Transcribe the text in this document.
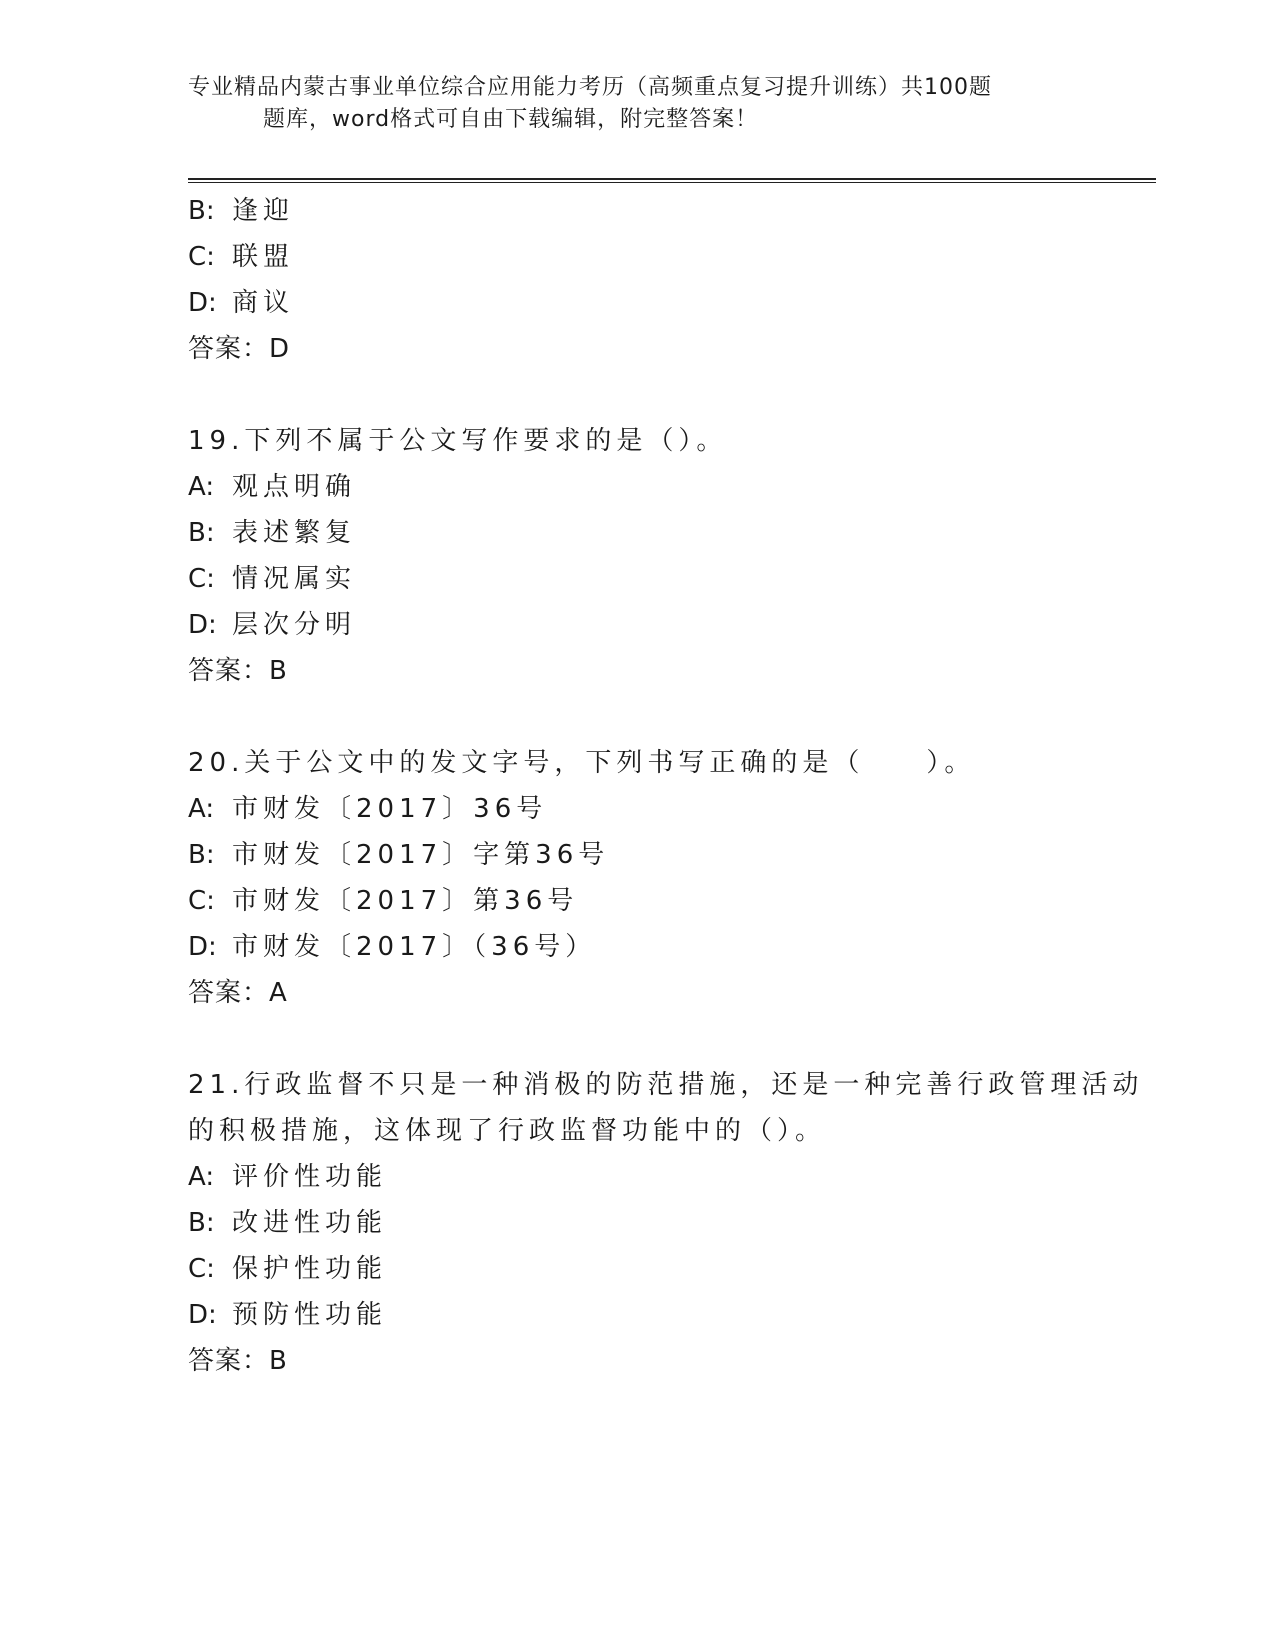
专业精品内蒙古事业单位综合应用能力考历（高频重点复习提升训练）共100题
题库，word格式可自由下载编辑，附完整答案！
B: 逢迎
C: 联盟
D: 商议
答案：D
19.下列不属于公文写作要求的是（）。
A: 观点明确
B: 表述繁复
C: 情况属实
D: 层次分明
答案：B
20.关于公文中的发文字号，下列书写正确的是（　　）。
A: 市财发〔2017〕36号
B: 市财发〔2017〕字第36号
C: 市财发〔2017〕第36号
D: 市财发〔2017〕（36号）
答案：A
21.行政监督不只是一种消极的防范措施，还是一种完善行政管理活动
的积极措施，这体现了行政监督功能中的（）。
A: 评价性功能
B: 改进性功能
C: 保护性功能
D: 预防性功能
答案：B
